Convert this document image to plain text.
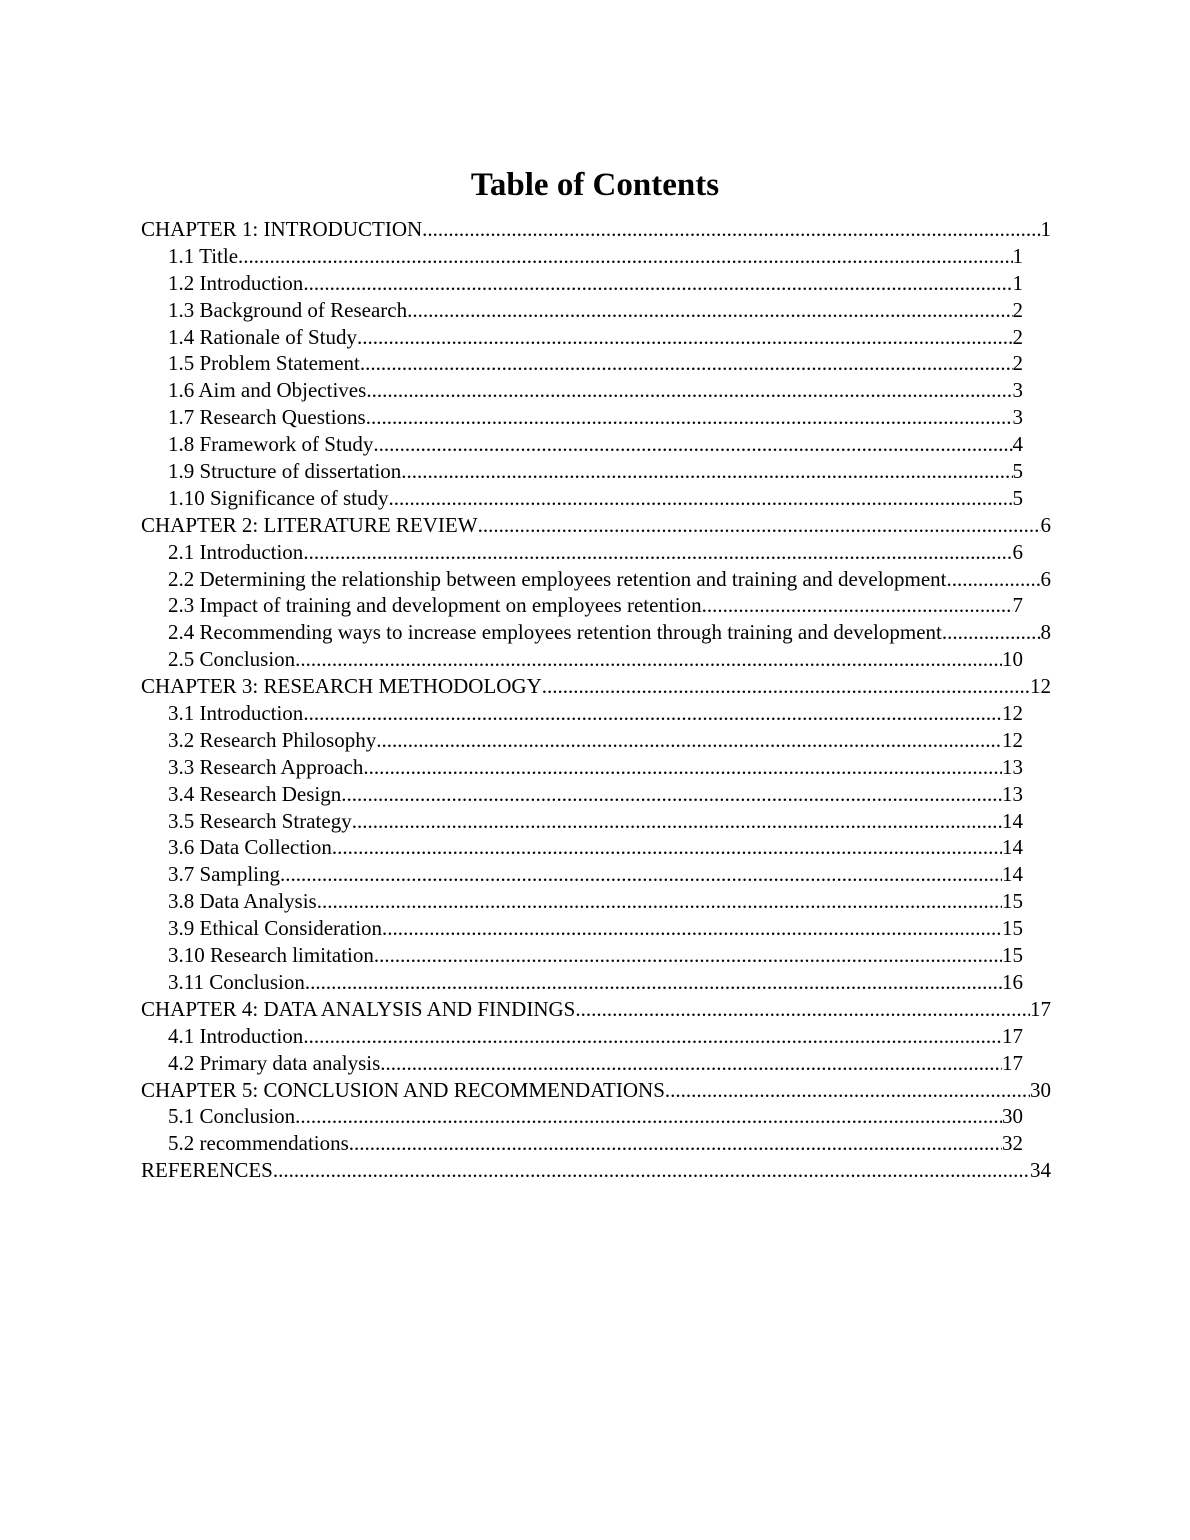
Table of Contents
CHAPTER 1: INTRODUCTION .....	1
1.1 Title .....	1
1.2 Introduction .....	1
1.3 Background of Research .....	2
1.4 Rationale of Study .....	2
1.5 Problem Statement .....	2
1.6 Aim and Objectives .....	3
1.7 Research Questions .....	3
1.8 Framework of Study .....	4
1.9 Structure of dissertation .....	5
1.10 Significance of study .....	5
CHAPTER 2: LITERATURE REVIEW .....	6
2.1 Introduction .....	6
2.2 Determining the relationship between employees retention and training and development. .....	6
2.3 Impact of training and development on employees retention .....	7
2.4 Recommending ways to increase employees retention through training and development. .....	8
2.5 Conclusion .....	10
CHAPTER 3: RESEARCH METHODOLOGY .....	12
3.1 Introduction .....	12
3.2 Research Philosophy .....	12
3.3 Research Approach .....	13
3.4 Research Design .....	13
3.5 Research Strategy .....	14
3.6 Data Collection .....	14
3.7 Sampling .....	14
3.8 Data Analysis .....	15
3.9 Ethical Consideration .....	15
3.10 Research limitation .....	15
3.11 Conclusion .....	16
CHAPTER 4: DATA ANALYSIS AND FINDINGS .....	17
4.1 Introduction .....	17
4.2 Primary data analysis .....	17
CHAPTER 5: CONCLUSION AND RECOMMENDATIONS .....	30
5.1 Conclusion .....	30
5.2 recommendations .....	32
REFERENCES .....	34
